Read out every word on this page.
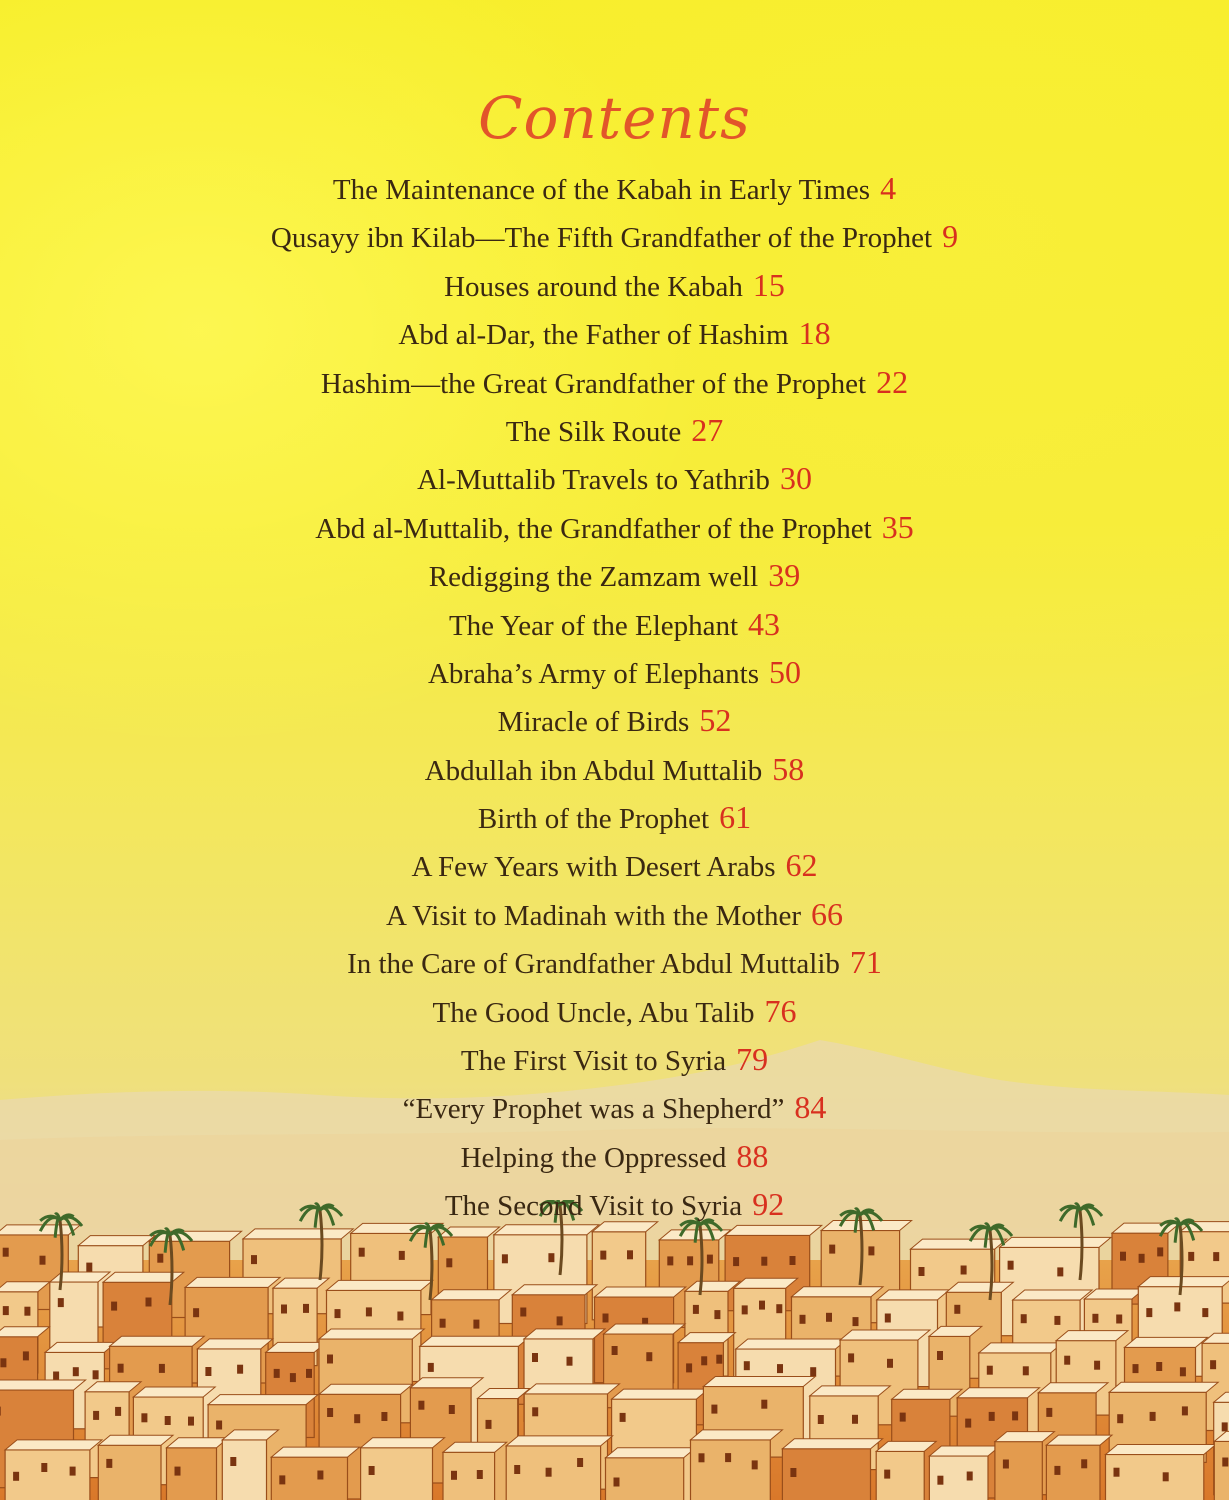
Contents
The Maintenance of the Kabah in Early Times 4
Qusayy ibn Kilab—The Fifth Grandfather of the Prophet 9
Houses around the Kabah 15
Abd al-Dar, the Father of Hashim 18
Hashim—the Great Grandfather of the Prophet 22
The Silk Route 27
Al-Muttalib Travels to Yathrib 30
Abd al-Muttalib, the Grandfather of the Prophet 35
Redigging the Zamzam well 39
The Year of the Elephant 43
Abraha’s Army of Elephants 50
Miracle of Birds 52
Abdullah ibn Abdul Muttalib 58
Birth of the Prophet 61
A Few Years with Desert Arabs 62
A Visit to Madinah with the Mother 66
In the Care of Grandfather Abdul Muttalib 71
The Good Uncle, Abu Talib 76
The First Visit to Syria 79
“Every Prophet was a Shepherd” 84
Helping the Oppressed 88
The Second Visit to Syria 92
